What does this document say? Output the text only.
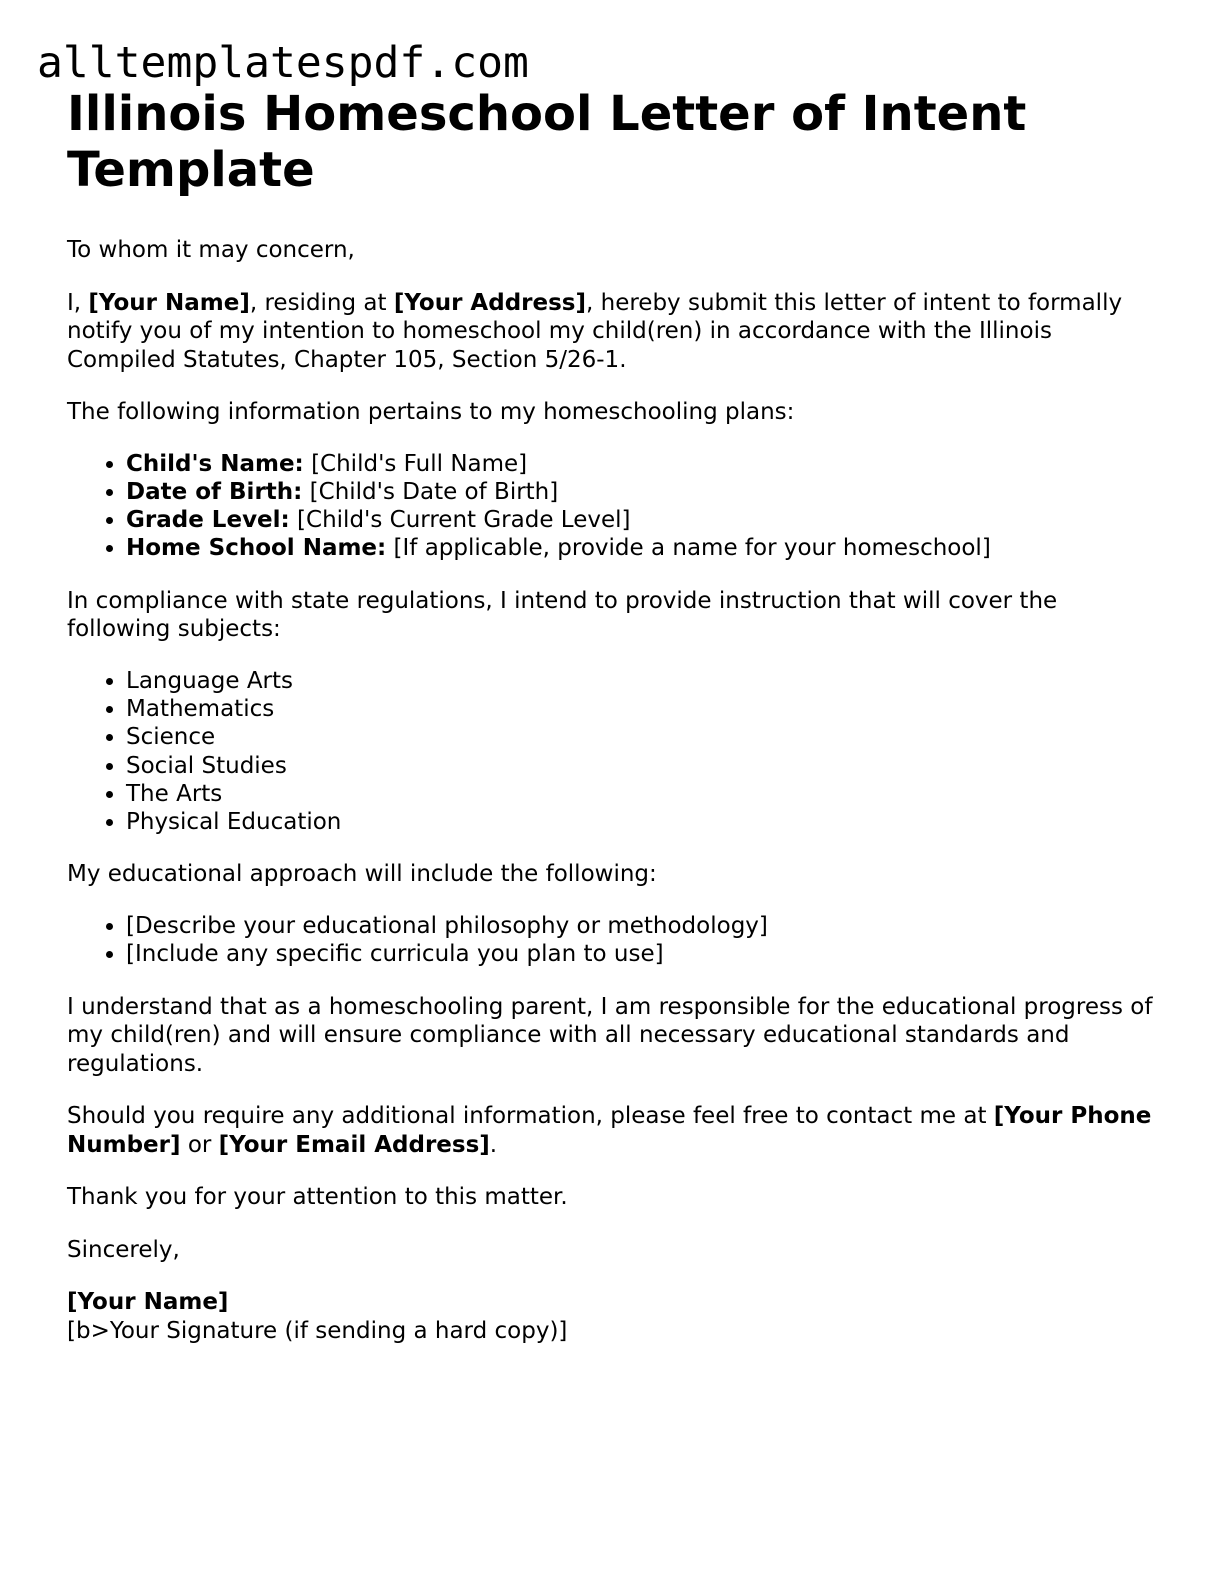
alltemplatespdf.com
Illinois Homeschool Letter of Intent Template

To whom it may concern,

I, [Your Name], residing at [Your Address], hereby submit this letter of intent to formally notify you of my intention to homeschool my child(ren) in accordance with the Illinois Compiled Statutes, Chapter 105, Section 5/26-1.

The following information pertains to my homeschooling plans:

• Child's Name: [Child's Full Name]
• Date of Birth: [Child's Date of Birth]
• Grade Level: [Child's Current Grade Level]
• Home School Name: [If applicable, provide a name for your homeschool]

In compliance with state regulations, I intend to provide instruction that will cover the following subjects:

• Language Arts
• Mathematics
• Science
• Social Studies
• The Arts
• Physical Education

My educational approach will include the following:

• [Describe your educational philosophy or methodology]
• [Include any specific curricula you plan to use]

I understand that as a homeschooling parent, I am responsible for the educational progress of my child(ren) and will ensure compliance with all necessary educational standards and regulations.

Should you require any additional information, please feel free to contact me at [Your Phone Number] or [Your Email Address].

Thank you for your attention to this matter.

Sincerely,

[Your Name]
[b>Your Signature (if sending a hard copy)]
